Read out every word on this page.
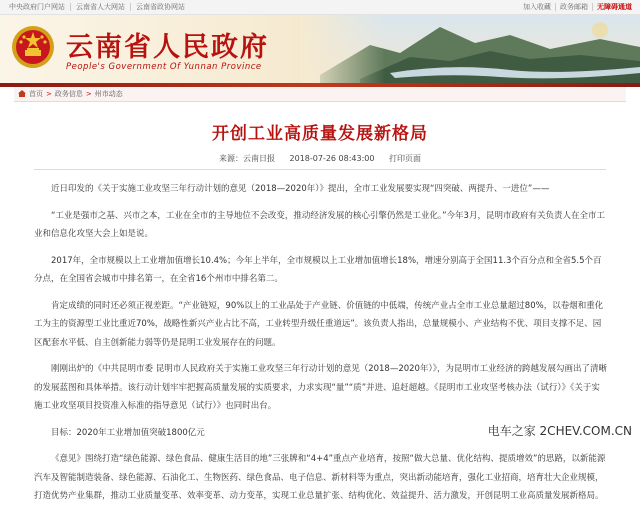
中央政府门户网站 云南省人大网站 云南省政协网站	加入收藏 政务邮箱 无障碍通道
云南省人民政府
People's Government Of Yunnan Province
首页 > 政务信息 > 州市动态
开创工业高质量发展新格局
来源：云南日报 2018-07-26 08:43:00 打印页面

近日印发的《关于实施工业攻坚三年行动计划的意见（2018—2020年）》提出，全市工业发展要实现“四突破、两提升、一进位”——

“工业是强市之基、兴市之本，工业在全市的主导地位不会改变，推动经济发展的核心引擎仍然是工业化。”今年3月，昆明市政府有关负责人在全市工业和信息化攻坚大会上如是说。

2017年，全市规模以上工业增加值增长10.4%；今年上半年，全市规模以上工业增加值增长18%，增速分别高于全国11.3个百分点和全省5.5个百分点，在全国省会城市中排名第一，在全省16个州市中排名第二。

肯定成绩的同时还必须正视差距。“产业链短，90%以上的工业品处于产业链、价值链的中低端，传统产业占全市工业总量超过80%，以卷烟和重化工为主的资源型工业比重近70%，战略性新兴产业占比不高，工业转型升级任重道远”。该负责人指出，总量规模小、产业结构不优、项目支撑不足、园区配套水平低、自主创新能力弱等仍是昆明工业发展存在的问题。

刚刚出炉的《中共昆明市委 昆明市人民政府关于实施工业攻坚三年行动计划的意见（2018—2020年）》，为昆明市工业经济的跨越发展勾画出了清晰的发展蓝图和具体举措。该行动计划牢牢把握高质量发展的实质要求，力求实现“量”“质”并进、追赶超越。《昆明市工业攻坚考核办法（试行）》《关于实施工业攻坚项目投资准入标准的指导意见（试行）》也同时出台。

目标：2020年工业增加值突破1800亿元

《意见》围绕打造“绿色能源、绿色食品、健康生活目的地”三张牌和“4+4”重点产业培育，按照“做大总量、优化结构、提质增效”的思路，以新能源汽车及智能制造装备、绿色能源、石油化工、生物医药、绿色食品、电子信息、新材料等为重点，突出新动能培育，强化工业招商，培育壮大企业规模，打造优势产业集群，推动工业质量变革、效率变革、动力变革，实现工业总量扩张、结构优化、效益提升、活力激发，开创昆明工业高质量发展新格局。

电车之家 2CHEV.COM.CN
